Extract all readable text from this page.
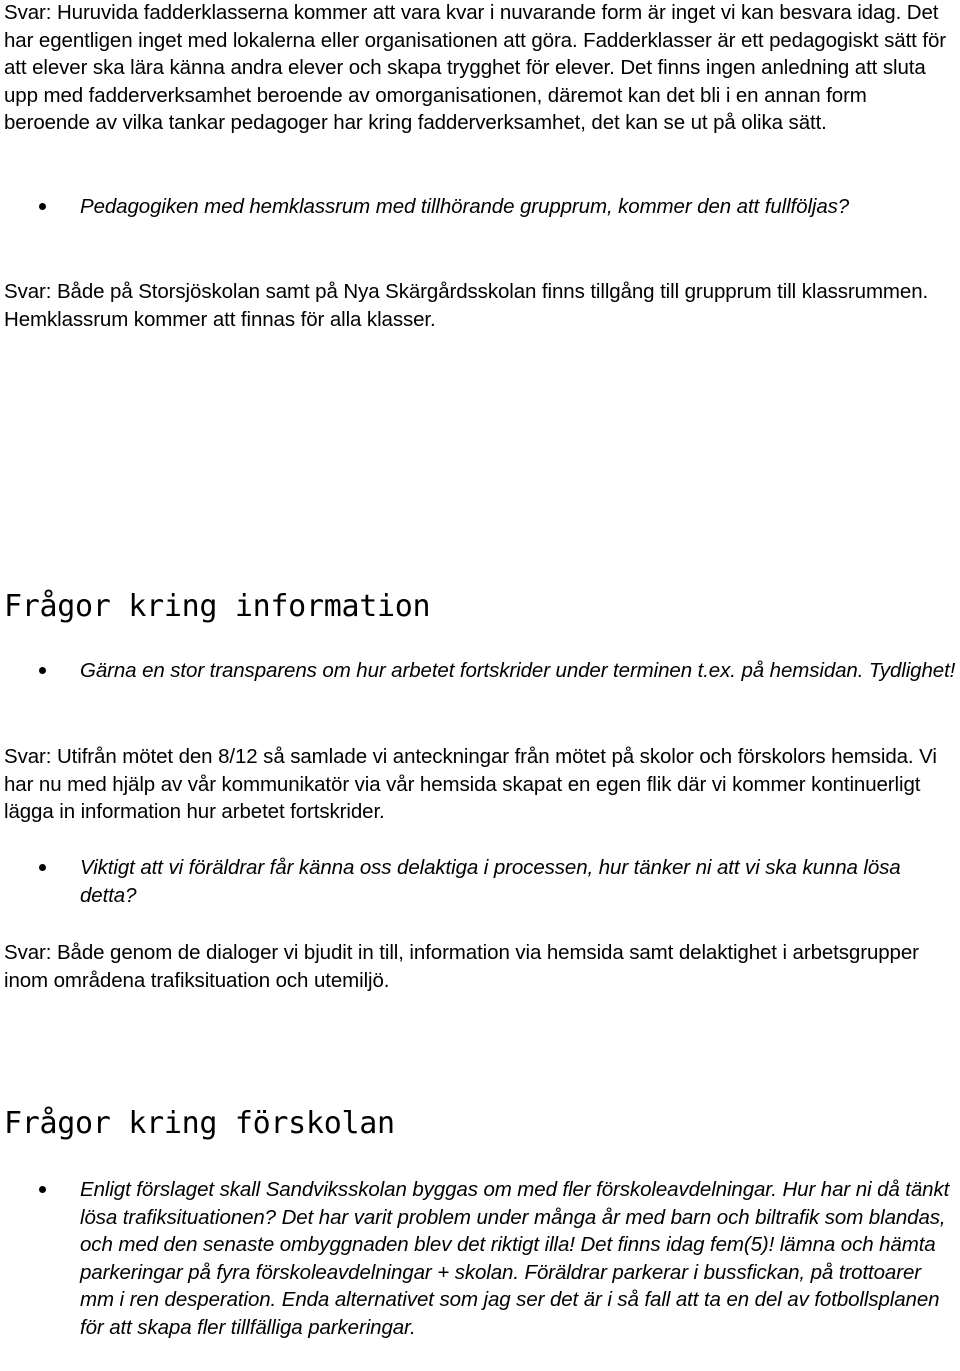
Svar: Huruvida fadderklasserna kommer att vara kvar i nuvarande form är inget vi kan besvara idag. Det har egentligen inget med lokalerna eller organisationen att göra. Fadderklasser är ett pedagogiskt sätt för att elever ska lära känna andra elever och skapa trygghet för elever. Det finns ingen anledning att sluta upp med fadderverksamhet beroende av omorganisationen, däremot kan det bli i en annan form beroende av vilka tankar pedagoger har kring fadderverksamhet, det kan se ut på olika sätt.

Pedagogiken med hemklassrum med tillhörande grupprum, kommer den att fullföljas?

Svar: Både på Storsjöskolan samt på Nya Skärgårdsskolan finns tillgång till grupprum till klassrummen. Hemklassrum kommer att finnas för alla klasser.

Frågor kring information
Gärna en stor transparens om hur arbetet fortskrider under terminen t.ex. på hemsidan. Tydlighet!

Svar: Utifrån mötet den 8/12 så samlade vi anteckningar från mötet på skolor och förskolors hemsida. Vi har nu med hjälp av vår kommunikatör via vår hemsida skapat en egen flik där vi kommer kontinuerligt lägga in information hur arbetet fortskrider.

Viktigt att vi föräldrar får känna oss delaktiga i processen, hur tänker ni att vi ska kunna lösa detta?

Svar: Både genom de dialoger vi bjudit in till, information via hemsida samt delaktighet i arbetsgrupper inom områdena trafiksituation och utemiljö.

Frågor kring förskolan
Enligt förslaget skall Sandviksskolan byggas om med fler förskoleavdelningar. Hur har ni då tänkt lösa trafiksituationen? Det har varit problem under många år med barn och biltrafik som blandas, och med den senaste ombyggnaden blev det riktigt illa! Det finns idag fem(5)! lämna och hämta parkeringar på fyra förskoleavdelningar + skolan. Föräldrar parkerar i bussfickan, på trottoarer mm i ren desperation. Enda alternativet som jag ser det är i så fall att ta en del av fotbollsplanen för att skapa fler tillfälliga parkeringar.
